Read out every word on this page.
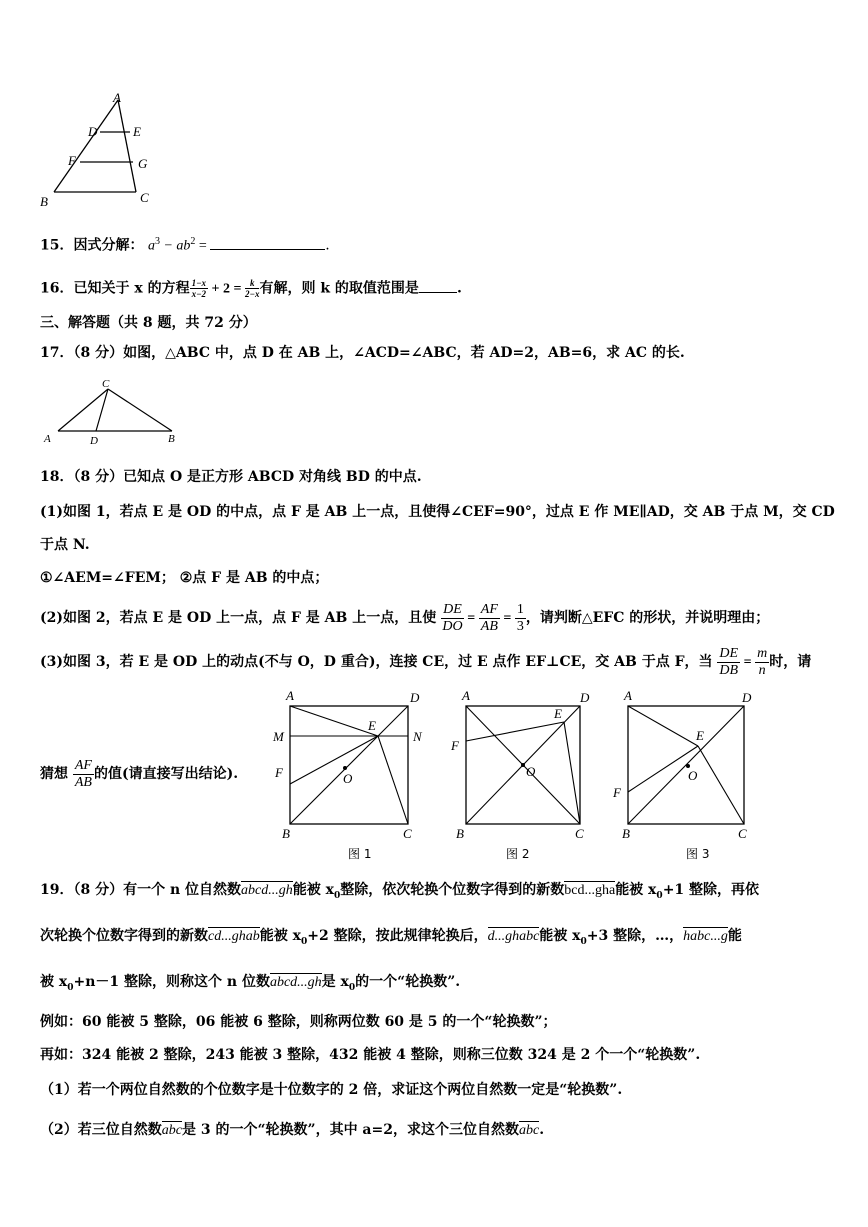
A
D	E
F	G
B	C
15．因式分解： $a^3 - ab^2$ =	.
16．已知关于 x 的方程 $\frac{1-x}{x-2} + 2 = \frac{k}{2-x}$ 有解，则 k 的取值范围是	.
三、解答题（共 8 题，共 72 分）
17．（8 分）如图，△ABC 中，点 D 在 AB 上，∠ACD=∠ABC，若 AD=2，AB=6，求 AC 的长.
C
A	D	B
18．（8 分）已知点 O 是正方形 ABCD 对角线 BD 的中点.
(1)如图 1，若点 E 是 OD 的中点，点 F 是 AB 上一点，且使得∠CEF=90°，过点 E 作 ME∥AD，交 AB 于点 M，交 CD
于点 N.
①∠AEM=∠FEM； ②点 F 是 AB 的中点；
(2)如图 2，若点 E 是 OD 上一点，点 F 是 AB 上一点，且使 $\frac{DE}{DO} = \frac{AF}{AB} = \frac{1}{3}$ ，请判断△EFC 的形状，并说明理由；
(3)如图 3，若 E 是 OD 上的动点(不与 O，D 重合)，连接 CE，过 E 点作 EF⊥CE，交 AB 于点 F，当 $\frac{DE}{DB} = \frac{m}{n}$ 时，请
猜想 $\frac{AF}{AB}$ 的值(请直接写出结论).
A	D
M	N
E
F	O
B	C
图 1
A	D
E
F
O
B	C
图 2
A	D
E
F
O
B	C
图 3
19．（8 分）有一个 n 位自然数abcd...gh能被 $x_0$整除，依次轮换个位数字得到的新数bcd...gha能被 $x_0+1$ 整除，再依
次轮换个位数字得到的新数cd...ghab能被 $x_0+2$ 整除，按此规律轮换后，d...ghabc能被 $x_0+3$ 整除，…，habc...g能
被 $x_0+n-1$ 整除，则称这个 n 位数abcd...gh是 $x_0$的一个“轮换数”.
例如：60 能被 5 整除，06 能被 6 整除，则称两位数 60 是 5 的一个“轮换数”；
再如：324 能被 2 整除，243 能被 3 整除，432 能被 4 整除，则称三位数 324 是 2 个一个“轮换数”.
（1）若一个两位自然数的个位数字是十位数字的 2 倍，求证这个两位自然数一定是“轮换数”.
（2）若三位自然数abc是 3 的一个“轮换数”，其中 a=2，求这个三位自然数abc.
